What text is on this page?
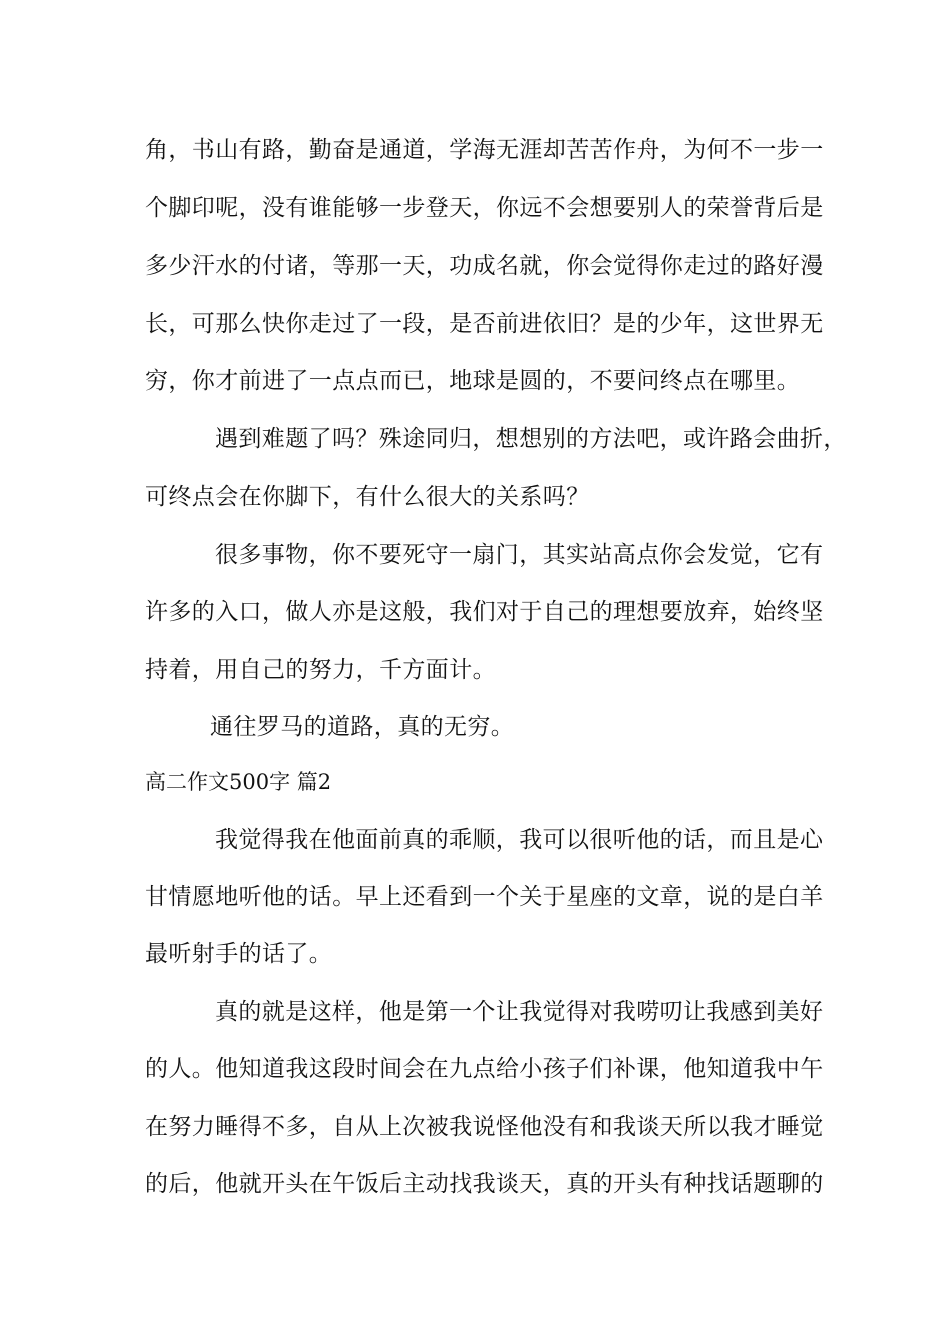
角，书山有路，勤奋是通道，学海无涯却苦苦作舟，为何不一步一
个脚印呢，没有谁能够一步登天，你远不会想要别人的荣誉背后是
多少汗水的付诸，等那一天，功成名就，你会觉得你走过的路好漫
长，可那么快你走过了一段，是否前进依旧？是的少年，这世界无
穷，你才前进了一点点而已，地球是圆的，不要问终点在哪里。
遇到难题了吗？殊途同归，想想别的方法吧，或许路会曲折，
可终点会在你脚下，有什么很大的关系吗？
很多事物，你不要死守一扇门，其实站高点你会发觉，它有
许多的入口，做人亦是这般，我们对于自己的理想要放弃，始终坚
持着，用自己的努力，千方面计。
通往罗马的道路，真的无穷。
高二作文500字 篇2
我觉得我在他面前真的乖顺，我可以很听他的话，而且是心
甘情愿地听他的话。早上还看到一个关于星座的文章，说的是白羊
最听射手的话了。
真的就是这样，他是第一个让我觉得对我唠叨让我感到美好
的人。他知道我这段时间会在九点给小孩子们补课，他知道我中午
在努力睡得不多，自从上次被我说怪他没有和我谈天所以我才睡觉
的后，他就开头在午饭后主动找我谈天，真的开头有种找话题聊的
